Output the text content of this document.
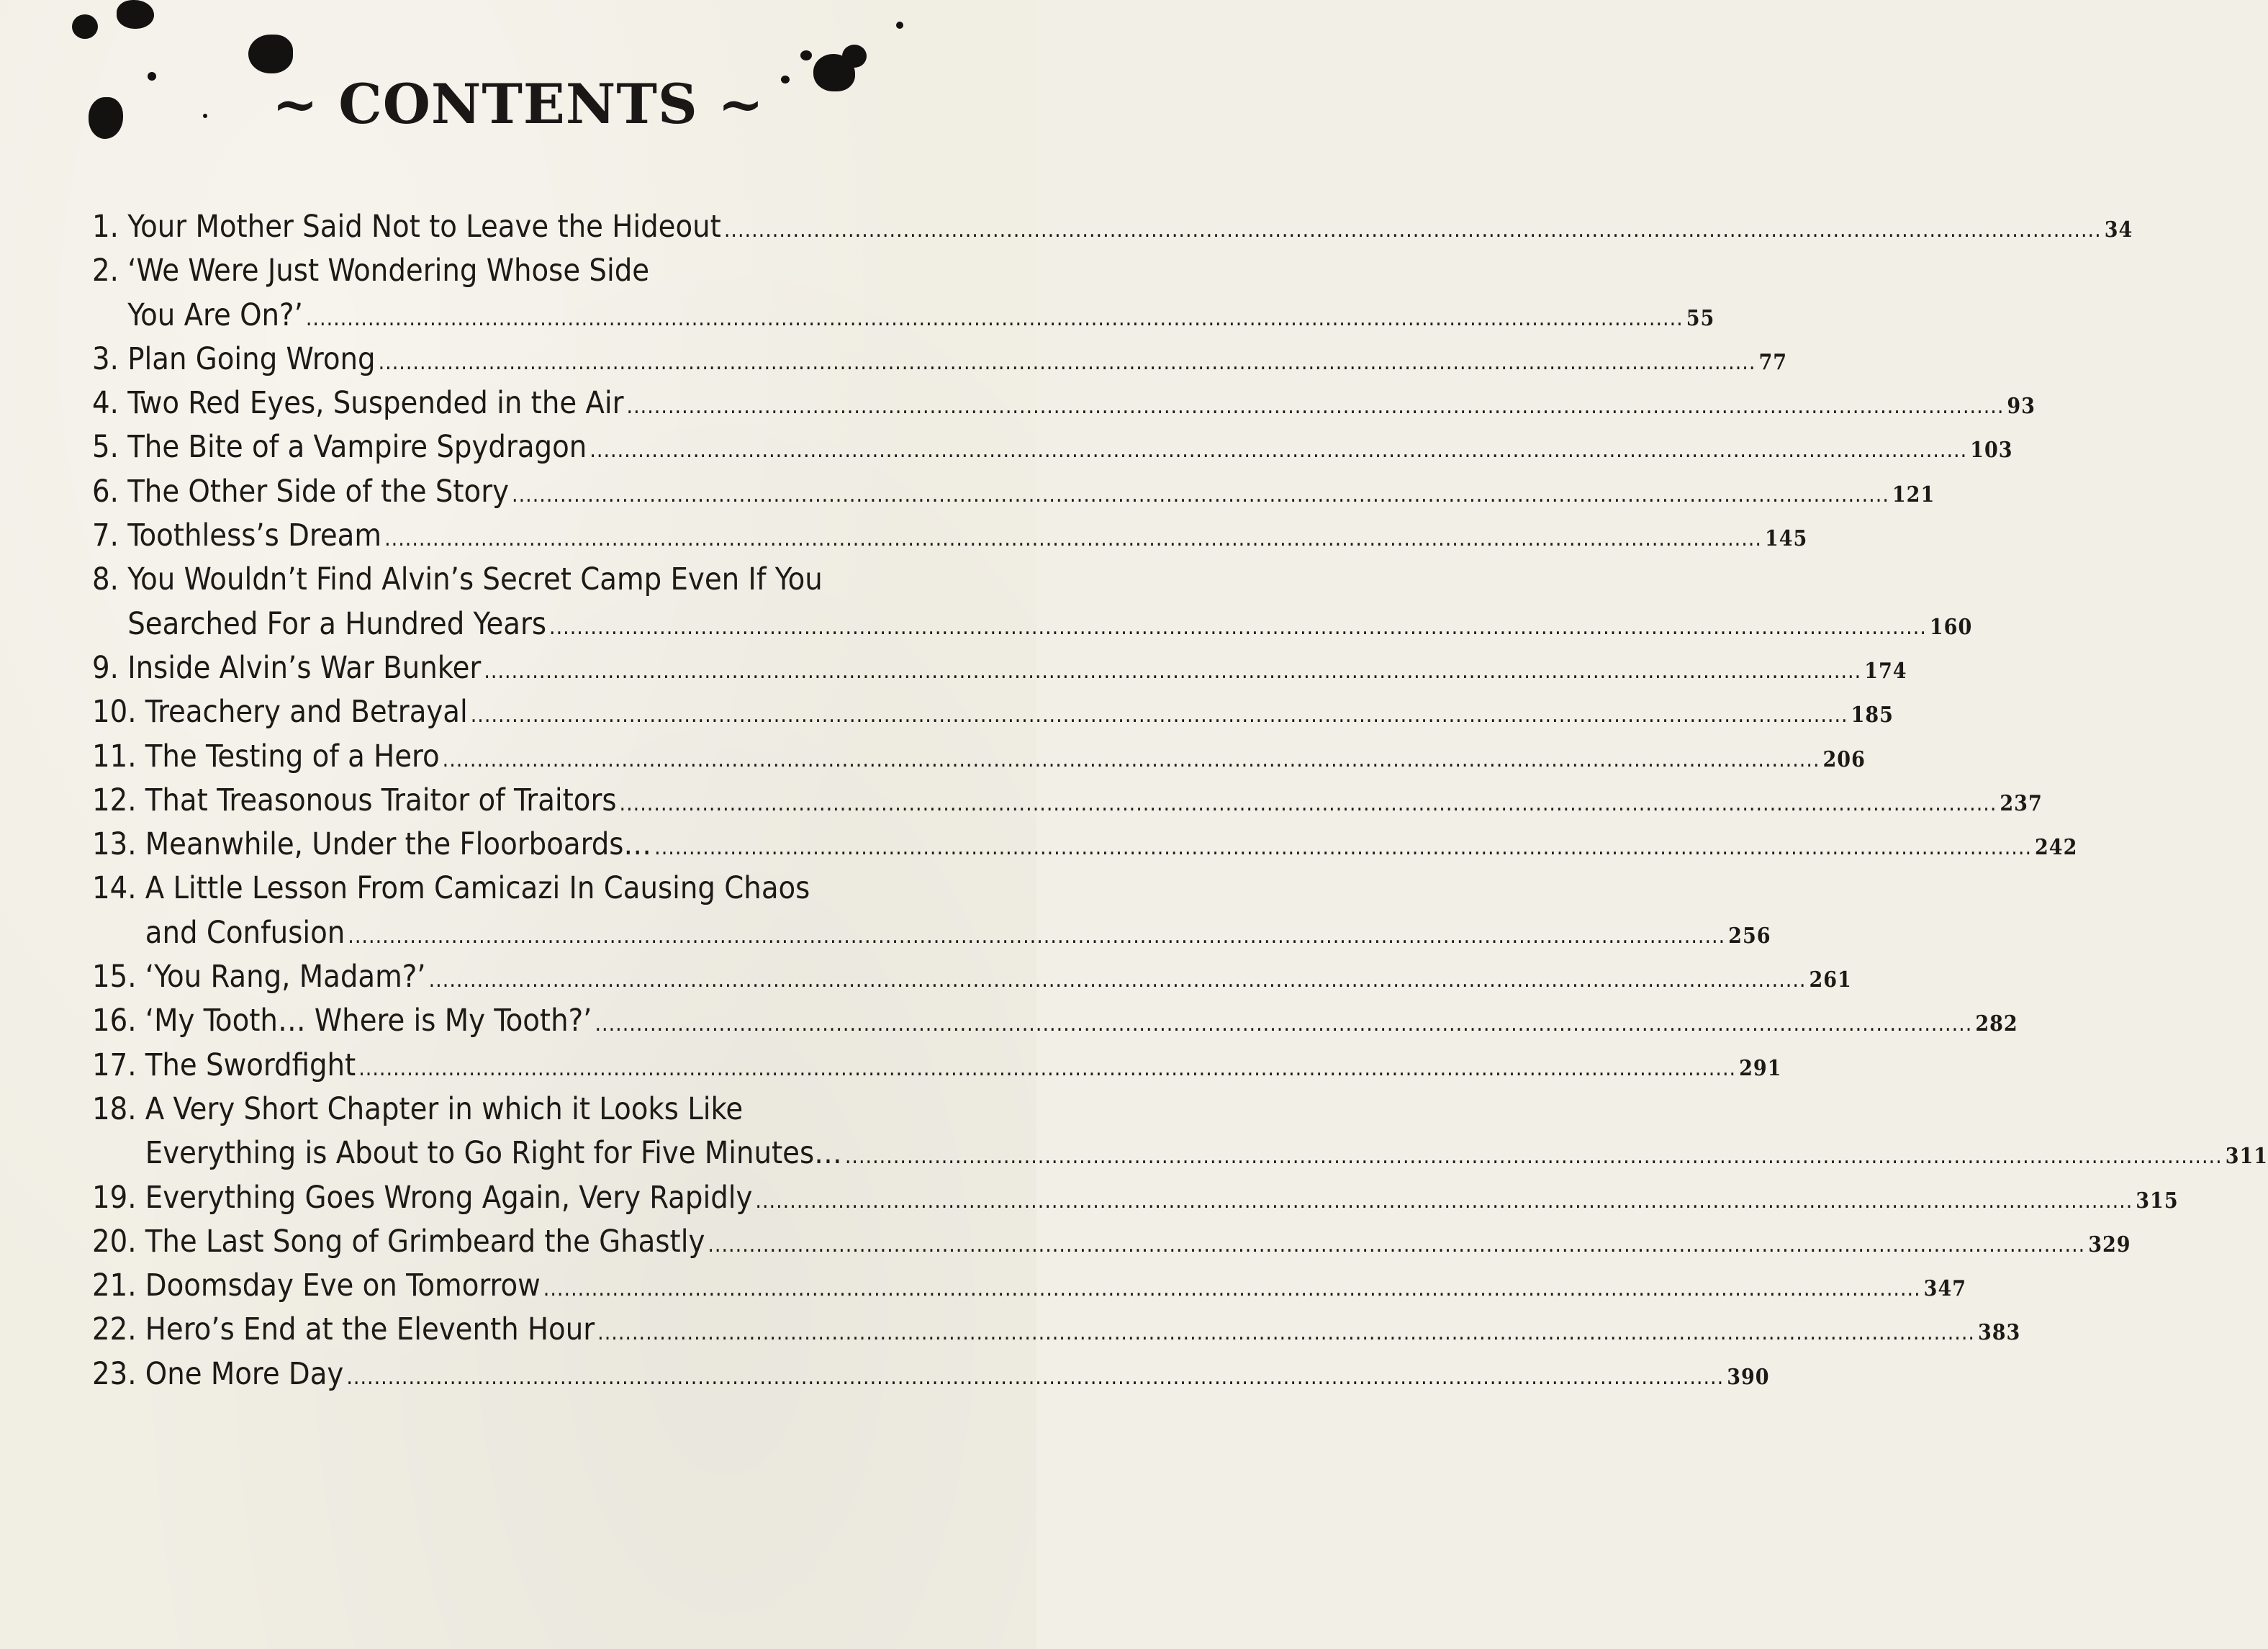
~ CONTENTS ~
1. Your Mother Said Not to Leave the Hideout ........................................................................................................................................................................................................ 34
2. ‘We Were Just Wondering Whose Side
You Are On?’ ........................................................................................................................................................................................................ 55
3. Plan Going Wrong ........................................................................................................................................................................................................ 77
4. Two Red Eyes, Suspended in the Air ........................................................................................................................................................................................................ 93
5. The Bite of a Vampire Spydragon ........................................................................................................................................................................................................ 103
6. The Other Side of the Story ........................................................................................................................................................................................................ 121
7. Toothless’s Dream ........................................................................................................................................................................................................ 145
8. You Wouldn’t Find Alvin’s Secret Camp Even If You
Searched For a Hundred Years ........................................................................................................................................................................................................ 160
9. Inside Alvin’s War Bunker ........................................................................................................................................................................................................ 174
10. Treachery and Betrayal ........................................................................................................................................................................................................ 185
11. The Testing of a Hero ........................................................................................................................................................................................................ 206
12. That Treasonous Traitor of Traitors ........................................................................................................................................................................................................ 237
13. Meanwhile, Under the Floorboards… ........................................................................................................................................................................................................ 242
14. A Little Lesson From Camicazi In Causing Chaos
and Confusion ........................................................................................................................................................................................................ 256
15. ‘You Rang, Madam?’ ........................................................................................................................................................................................................ 261
16. ‘My Tooth… Where is My Tooth?’ ........................................................................................................................................................................................................ 282
17. The Swordfight ........................................................................................................................................................................................................ 291
18. A Very Short Chapter in which it Looks Like
Everything is About to Go Right for Five Minutes… ........................................................................................................................................................................................................ 311
19. Everything Goes Wrong Again, Very Rapidly ........................................................................................................................................................................................................ 315
20. The Last Song of Grimbeard the Ghastly ........................................................................................................................................................................................................ 329
21. Doomsday Eve on Tomorrow ........................................................................................................................................................................................................ 347
22. Hero’s End at the Eleventh Hour ........................................................................................................................................................................................................ 383
23. One More Day ........................................................................................................................................................................................................ 390
